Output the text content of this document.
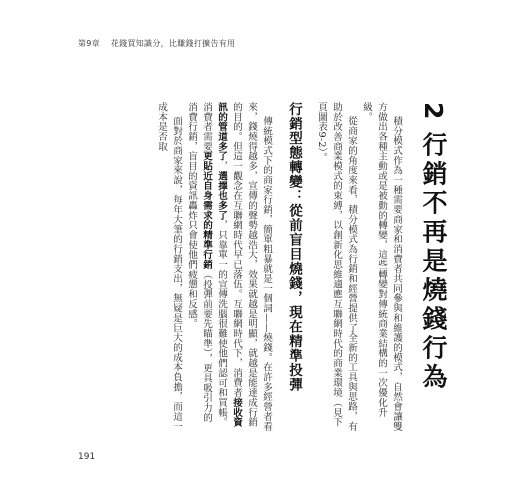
第9章 花錢買知識分，比賺錢打擴告有用
2行銷不再是燒錢行為

積分模式作為一種需要商家和消費者共同參與和維護的模式，自然會讓雙方做出各種主動或是被動的轉變，這些轉變對傳統商業結構的一次優化升級。

從商家的角度來看，積分模式為行銷和經營提供了全新的工具與思路，有助於改善商業模式的束縛，以創新化思維適應互聯網時代的商業環境（見下頁圖表9-2）。

行銷型態轉變：從前盲目燒錢，現在精準投彈

傳統模式下的商家行銷，簡單粗暴就是一個詞——燒錢。在許多經營者看來，錢燒得越多，宣傳的聲勢越浩大，效果就越是明顯，就越是能達成行銷的目的。但這一觀念在互聯網時代早已落伍。互聯網時代下，消費者接收資訊的管道多了，選擇也多了，只靠單一的宣傳洗腦很難使他們認可和買帳。消費者需要更貼近自身需求的精準行銷（投彈前要先瞄準），更具吸引力的消費行銷，盲目的資訊轟炸只會使他們疲憊和反感。

面對於商家來說，每年大筆的行銷支出，無疑是巨大的成本負擔，而這一成本是否取

191
